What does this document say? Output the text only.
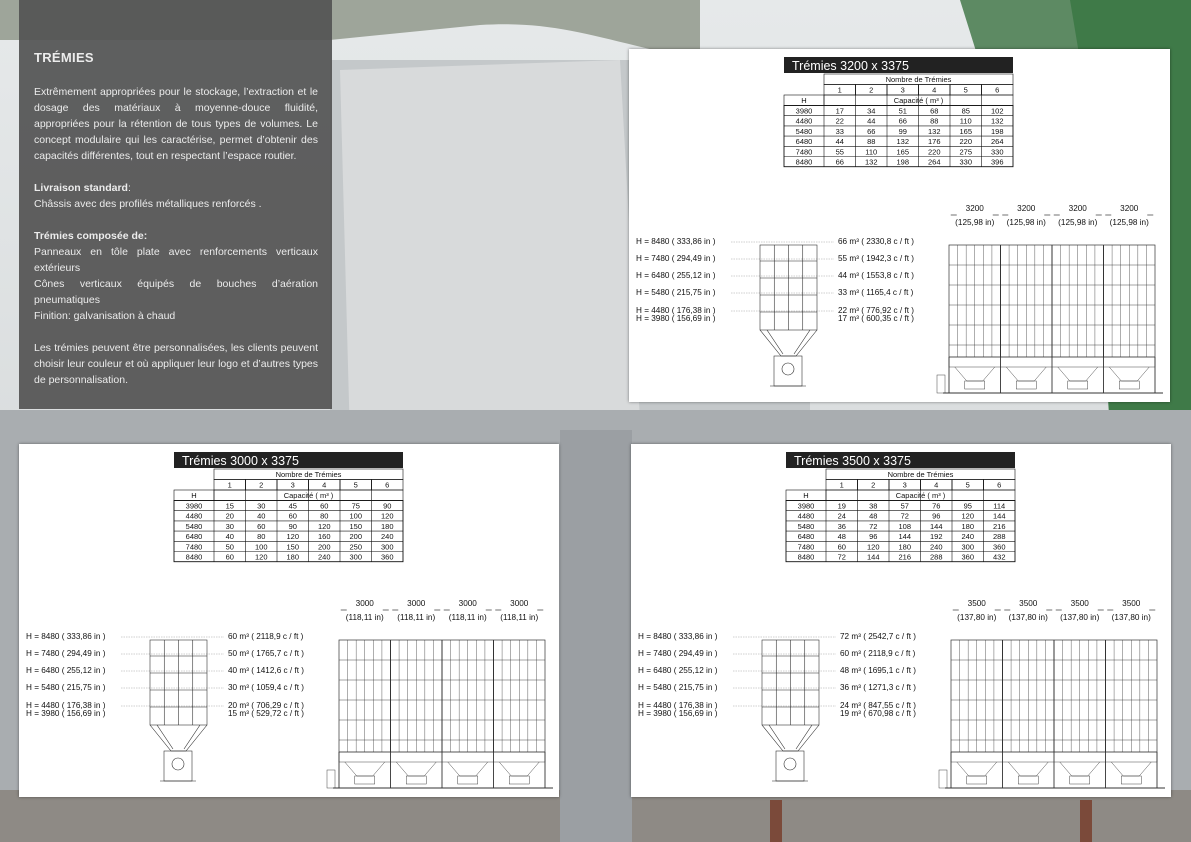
TRÉMIES

Extrêmement appropriées pour le stockage, l’extraction et le dosage des matériaux à moyenne-douce fluidité, appropriées pour la rétention de tous types de volumes. Le concept modulaire qui les caractérise, permet d’obtenir des capacités différentes, tout en respectant l’espace routier.

Livraison standard:

Châssis avec des profilés métalliques renforcés .

Trémies composée de:

Panneaux en tôle plate avec renforcements verticaux extérieurs

Cônes verticaux équipés de bouches d’aération pneumatiques

Finition: galvanisation à chaud

Les trémies peuvent être personnalisées, les clients peuvent choisir leur couleur et où appliquer leur logo et d’autres types de personnalisation.

Trémies 3200 x 3375
Nombre de Trémies
1	2	3	4	5	6
H	Capacité ( m³ )
3980	17	34	51	68	85	102
4480	22	44	66	88	110	132
5480	33	66	99	132	165	198
6480	44	88	132	176	220	264
7480	55	110	165	220	275	330
8480	66	132	198	264	330	396
H = 8480 ( 333,86 in )	66 m³ ( 2330,8 c / ft )
H = 7480 ( 294,49 in )	55 m³ ( 1942,3 c / ft )
H = 6480 ( 255,12 in )	44 m³ ( 1553,8 c / ft )
H = 5480 ( 215,75 in )	33 m³ ( 1165,4 c / ft )
H = 4480 ( 176,38 in )	22 m³ ( 776,92 c / ft )
H = 3980 ( 156,69 in )	17 m³ ( 600,35 c / ft )
3200
(125,98 in)
3200
(125,98 in)
3200
(125,98 in)
3200
(125,98 in)
Trémies 3000 x 3375
Nombre de Trémies
1	2	3	4	5	6
H	Capacité ( m³ )
3980	15	30	45	60	75	90
4480	20	40	60	80	100	120
5480	30	60	90	120	150	180
6480	40	80	120	160	200	240
7480	50	100	150	200	250	300
8480	60	120	180	240	300	360
H = 8480 ( 333,86 in )	60 m³ ( 2118,9 c / ft )
H = 7480 ( 294,49 in )	50 m³ ( 1765,7 c / ft )
H = 6480 ( 255,12 in )	40 m³ ( 1412,6 c / ft )
H = 5480 ( 215,75 in )	30 m³ ( 1059,4 c / ft )
H = 4480 ( 176,38 in )	20 m³ ( 706,29 c / ft )
H = 3980 ( 156,69 in )	15 m³ ( 529,72 c / ft )
3000
(118,11 in)
3000
(118,11 in)
3000
(118,11 in)
3000
(118,11 in)
Trémies 3500 x 3375
Nombre de Trémies
1	2	3	4	5	6
H	Capacité ( m³ )
3980	19	38	57	76	95	114
4480	24	48	72	96	120	144
5480	36	72	108	144	180	216
6480	48	96	144	192	240	288
7480	60	120	180	240	300	360
8480	72	144	216	288	360	432
H = 8480 ( 333,86 in )	72 m³ ( 2542,7 c / ft )
H = 7480 ( 294,49 in )	60 m³ ( 2118,9 c / ft )
H = 6480 ( 255,12 in )	48 m³ ( 1695,1 c / ft )
H = 5480 ( 215,75 in )	36 m³ ( 1271,3 c / ft )
H = 4480 ( 176,38 in )	24 m³ ( 847,55 c / ft )
H = 3980 ( 156,69 in )	19 m³ ( 670,98 c / ft )
3500
(137,80 in)
3500
(137,80 in)
3500
(137,80 in)
3500
(137,80 in)
